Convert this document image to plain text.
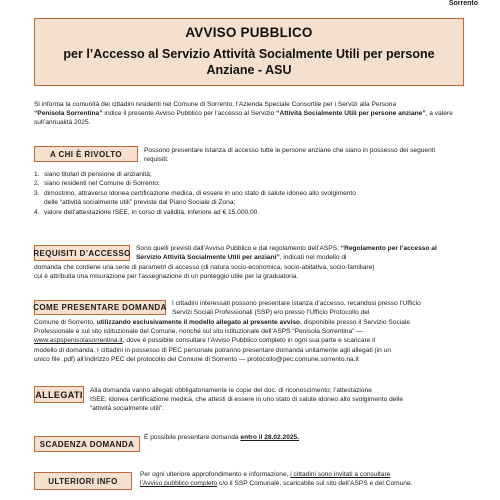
Sorrento
AVVISO PUBBLICO
per l’Accesso al Servizio Attività Socialmente Utili per persone
Anziane - ASU
Si informa la comunità dei cittadini residenti nel Comune di Sorrento, l’Azienda Speciale Consortile per i Servizi alla Persona
“Penisola Sorrentina” indice il presente Avviso Pubblico per l’accesso al Servizio “Attività Socialmente Utili per persone anziane”, a valere sull’annualità 2025.
A CHI È RIVOLTO	Possono presentare istanza di accesso tutte le persone anziane che siano in possesso dei seguenti
requisiti:
1. siano titolari di pensione di anzianità;
2. siano residenti nel Comune di Sorrento;
3. dimostrino, attraverso idonea certificazione medica, di essere in uno stato di salute idoneo allo svolgimento
delle “attività socialmente utili” previste dal Piano Sociale di Zona;
4. valore dell’attestazione ISEE, in corso di validità, inferiore ad € 15.000,00.
REQUISITI D’ACCESSO Sono quelli previsti dall’Avviso Pubblico e dal regolamento dell’ASPS, “Regolamento per l’accesso al
Servizio Attività Socialmente Utili per anziani”, indicati nel modello di
domanda che contiene una serie di parametri di accesso (di natura socio-economica, socio-abitativa, socio-familiare)
cui è attribuita una misurazione per l’assegnazione di un punteggio utile per la graduatoria.
COME PRESENTARE DOMANDA I cittadini interessati possono presentare istanza d’accesso, recandosi presso l’Ufficio
Servizi Sociali Professionali (SSP) e/o presso l’Ufficio Protocollo del
Comune di Sorrento, utilizzando esclusivamente il modello allegato al presente avviso, disponibile presso il Servizio Sociale
Professionale e sul sito istituzionale del Comune, nonché sul sito istituzionale dell’ASPS “Penisola Sorrentina” —
www.aspspenisolasorrentina.it, dove è possibile consultare l’Avviso Pubblico completo in ogni sua parte e scaricare il
modello di domanda. I cittadini in possesso di PEC personale potranno presentare domanda unitamente agli allegati (in un
unico file .pdf) all’indirizzo PEC del protocollo del Comune di Sorrento — protocollo@pec.comune.sorrento.na.it
ALLEGATI Alla domanda vanno allegati obbligatoriamente le copie del doc. di riconoscimento; l’attestazione
ISEE; idonea certificazione medica, che attesti di essere in uno stato di salute idoneo allo svolgimento delle
“attività socialmente utili”.
SCADENZA DOMANDA
È possibile presentare domanda entro il 28.02.2025.
ULTERIORI INFO
Per ogni ulteriore approfondimento e informazione, i cittadini sono invitati a consultare
l’Avviso pubblico completo c/o il SSP Comunale, scaricabile sul sito dell’ASPS e del Comune.
